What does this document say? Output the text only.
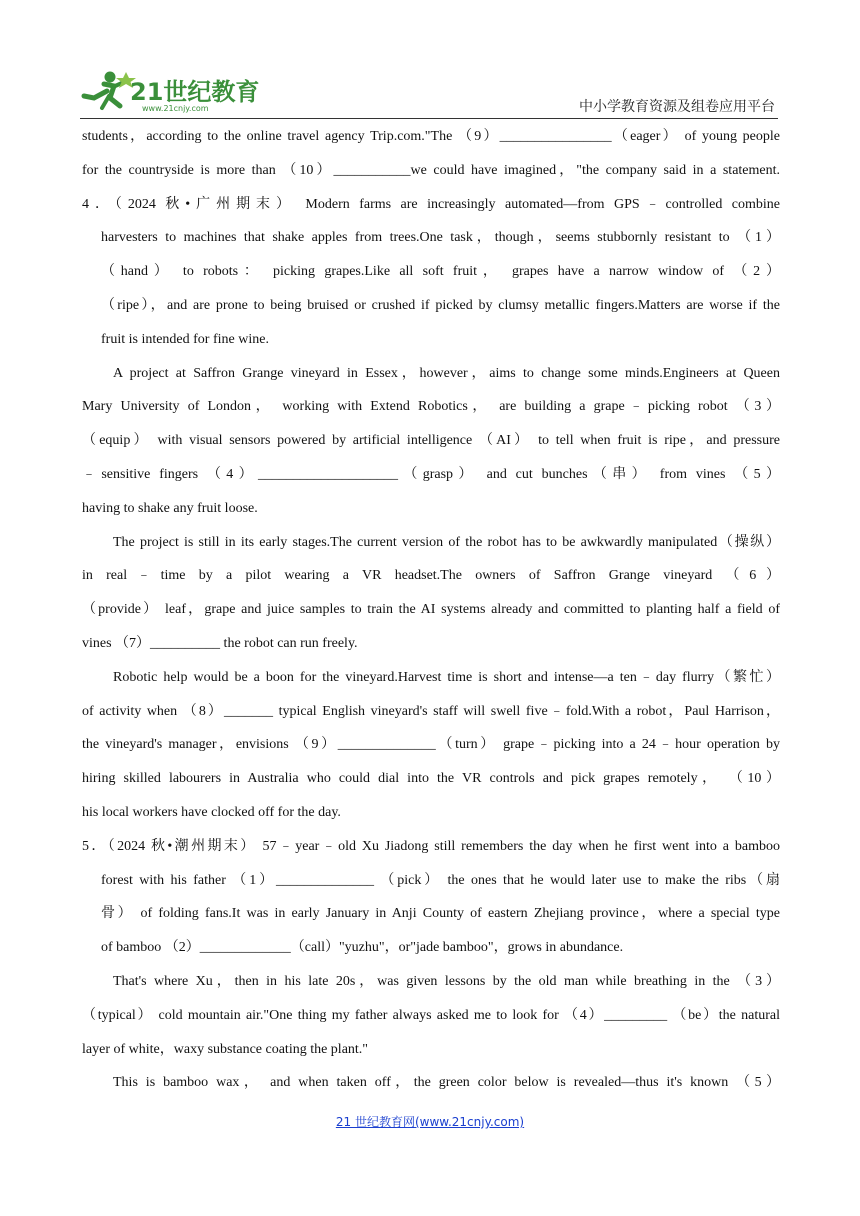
21世纪教育
www.21cnjy.com	中小学教育资源及组卷应用平台
students，according to the online travel agency Trip.com."The （9）________________（eager） of young people
for the countryside is more than （10）___________we could have imagined，"the company said in a statement.
4．（2024 秋•广州期末） Modern farms are increasingly automated—from GPS﹣controlled combine
harvesters to machines that shake apples from trees.One task，though，seems stubbornly resistant to （1）
（hand） to robots： picking grapes.Like all soft fruit， grapes have a narrow window of （2）
（ripe），and are prone to being bruised or crushed if picked by clumsy metallic fingers.Matters are worse if the
fruit is intended for fine wine.
A project at Saffron Grange vineyard in Essex，however，aims to change some minds.Engineers at Queen
Mary University of London， working with Extend Robotics， are building a grape﹣picking robot （3）
（equip） with visual sensors powered by artificial intelligence （AI） to tell when fruit is ripe，and pressure
﹣sensitive fingers （4）____________________（grasp） and cut bunches（串） from vines （5）
having to shake any fruit loose.
The project is still in its early stages.The current version of the robot has to be awkwardly manipulated（操纵）
in real﹣time by a pilot wearing a VR headset.The owners of Saffron Grange vineyard （6）
（provide） leaf，grape and juice samples to train the AI systems already and committed to planting half a field of
vines （7）__________ the robot can run freely.
Robotic help would be a boon for the vineyard.Harvest time is short and intense—a ten﹣day flurry（繁忙）
of activity when （8）_______ typical English vineyard's staff will swell five﹣fold.With a robot，Paul Harrison，
the vineyard's manager，envisions （9）______________（turn） grape﹣picking into a 24﹣hour operation by
hiring skilled labourers in Australia who could dial into the VR controls and pick grapes remotely， （10）
his local workers have clocked off for the day.
5．（2024 秋•潮州期末） 57﹣year﹣old Xu Jiadong still remembers the day when he first went into a bamboo
forest with his father （1）______________ （pick） the ones that he would later use to make the ribs（扇
骨） of folding fans.It was in early January in Anji County of eastern Zhejiang province，where a special type
of bamboo （2）_____________（call）"yuzhu"，or"jade bamboo"，grows in abundance.
That's where Xu，then in his late 20s，was given lessons by the old man while breathing in the （3）
（typical） cold mountain air."One thing my father always asked me to look for （4）_________ （be）the natural
layer of white，waxy substance coating the plant."
This is bamboo wax， and when taken off，the green color below is revealed—thus it's known （5）
21 世纪教育网(www.21cnjy.com)
